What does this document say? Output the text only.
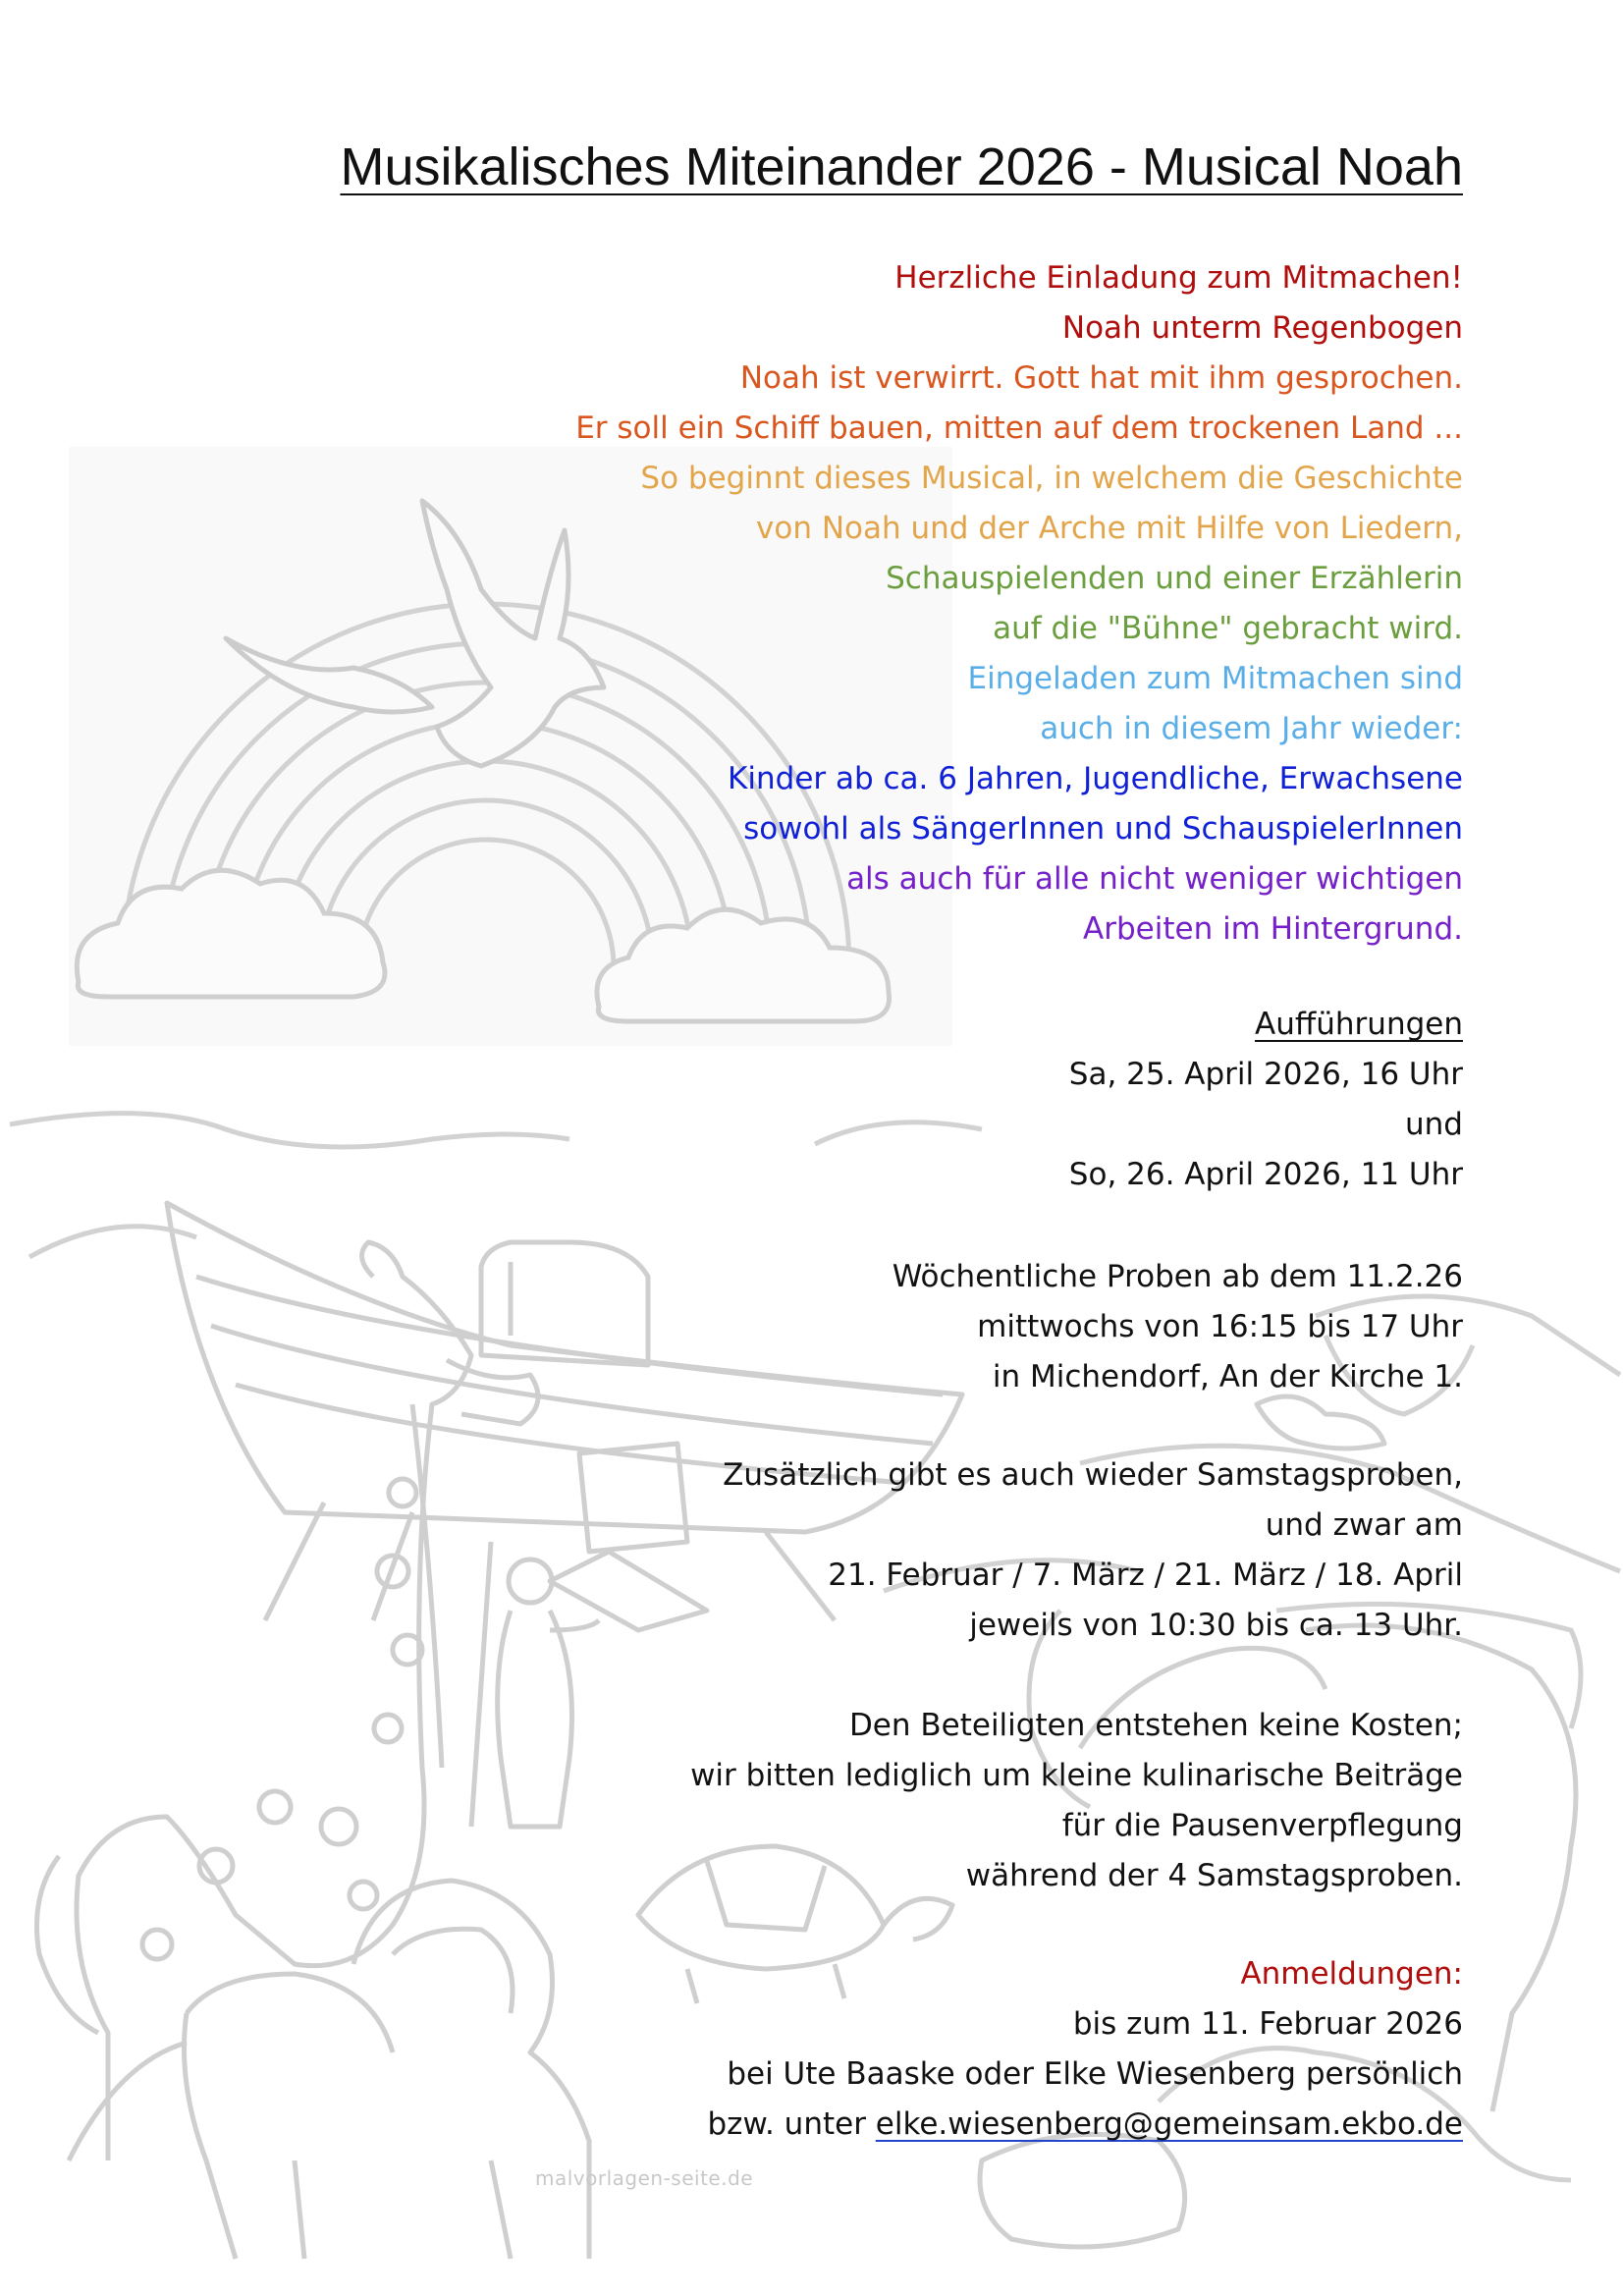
Musikalisches Miteinander 2026 - Musical Noah
Herzliche Einladung zum Mitmachen!
Noah unterm Regenbogen
Noah ist verwirrt. Gott hat mit ihm gesprochen.
Er soll ein Schiff bauen, mitten auf dem trockenen Land ...
So beginnt dieses Musical, in welchem die Geschichte
von Noah und der Arche mit Hilfe von Liedern,
Schauspielenden und einer Erzählerin
auf die "Bühne" gebracht wird.
Eingeladen zum Mitmachen sind
auch in diesem Jahr wieder:
Kinder ab ca. 6 Jahren, Jugendliche, Erwachsene
sowohl als SängerInnen und SchauspielerInnen
als auch für alle nicht weniger wichtigen
Arbeiten im Hintergrund.
Aufführungen
Sa, 25. April 2026, 16 Uhr
und
So, 26. April 2026, 11 Uhr
Wöchentliche Proben ab dem 11.2.26
mittwochs von 16:15 bis 17 Uhr
in Michendorf, An der Kirche 1.
Zusätzlich gibt es auch wieder Samstagsproben,
und zwar am
21. Februar / 7. März / 21. März / 18. April
jeweils von 10:30 bis ca. 13 Uhr.
Den Beteiligten entstehen keine Kosten;
wir bitten lediglich um kleine kulinarische Beiträge
für die Pausenverpflegung
während der 4 Samstagsproben.
Anmeldungen:
bis zum 11. Februar 2026
bei Ute Baaske oder Elke Wiesenberg persönlich
bzw. unter elke.wiesenberg@gemeinsam.ekbo.de
malvorlagen-seite.de
